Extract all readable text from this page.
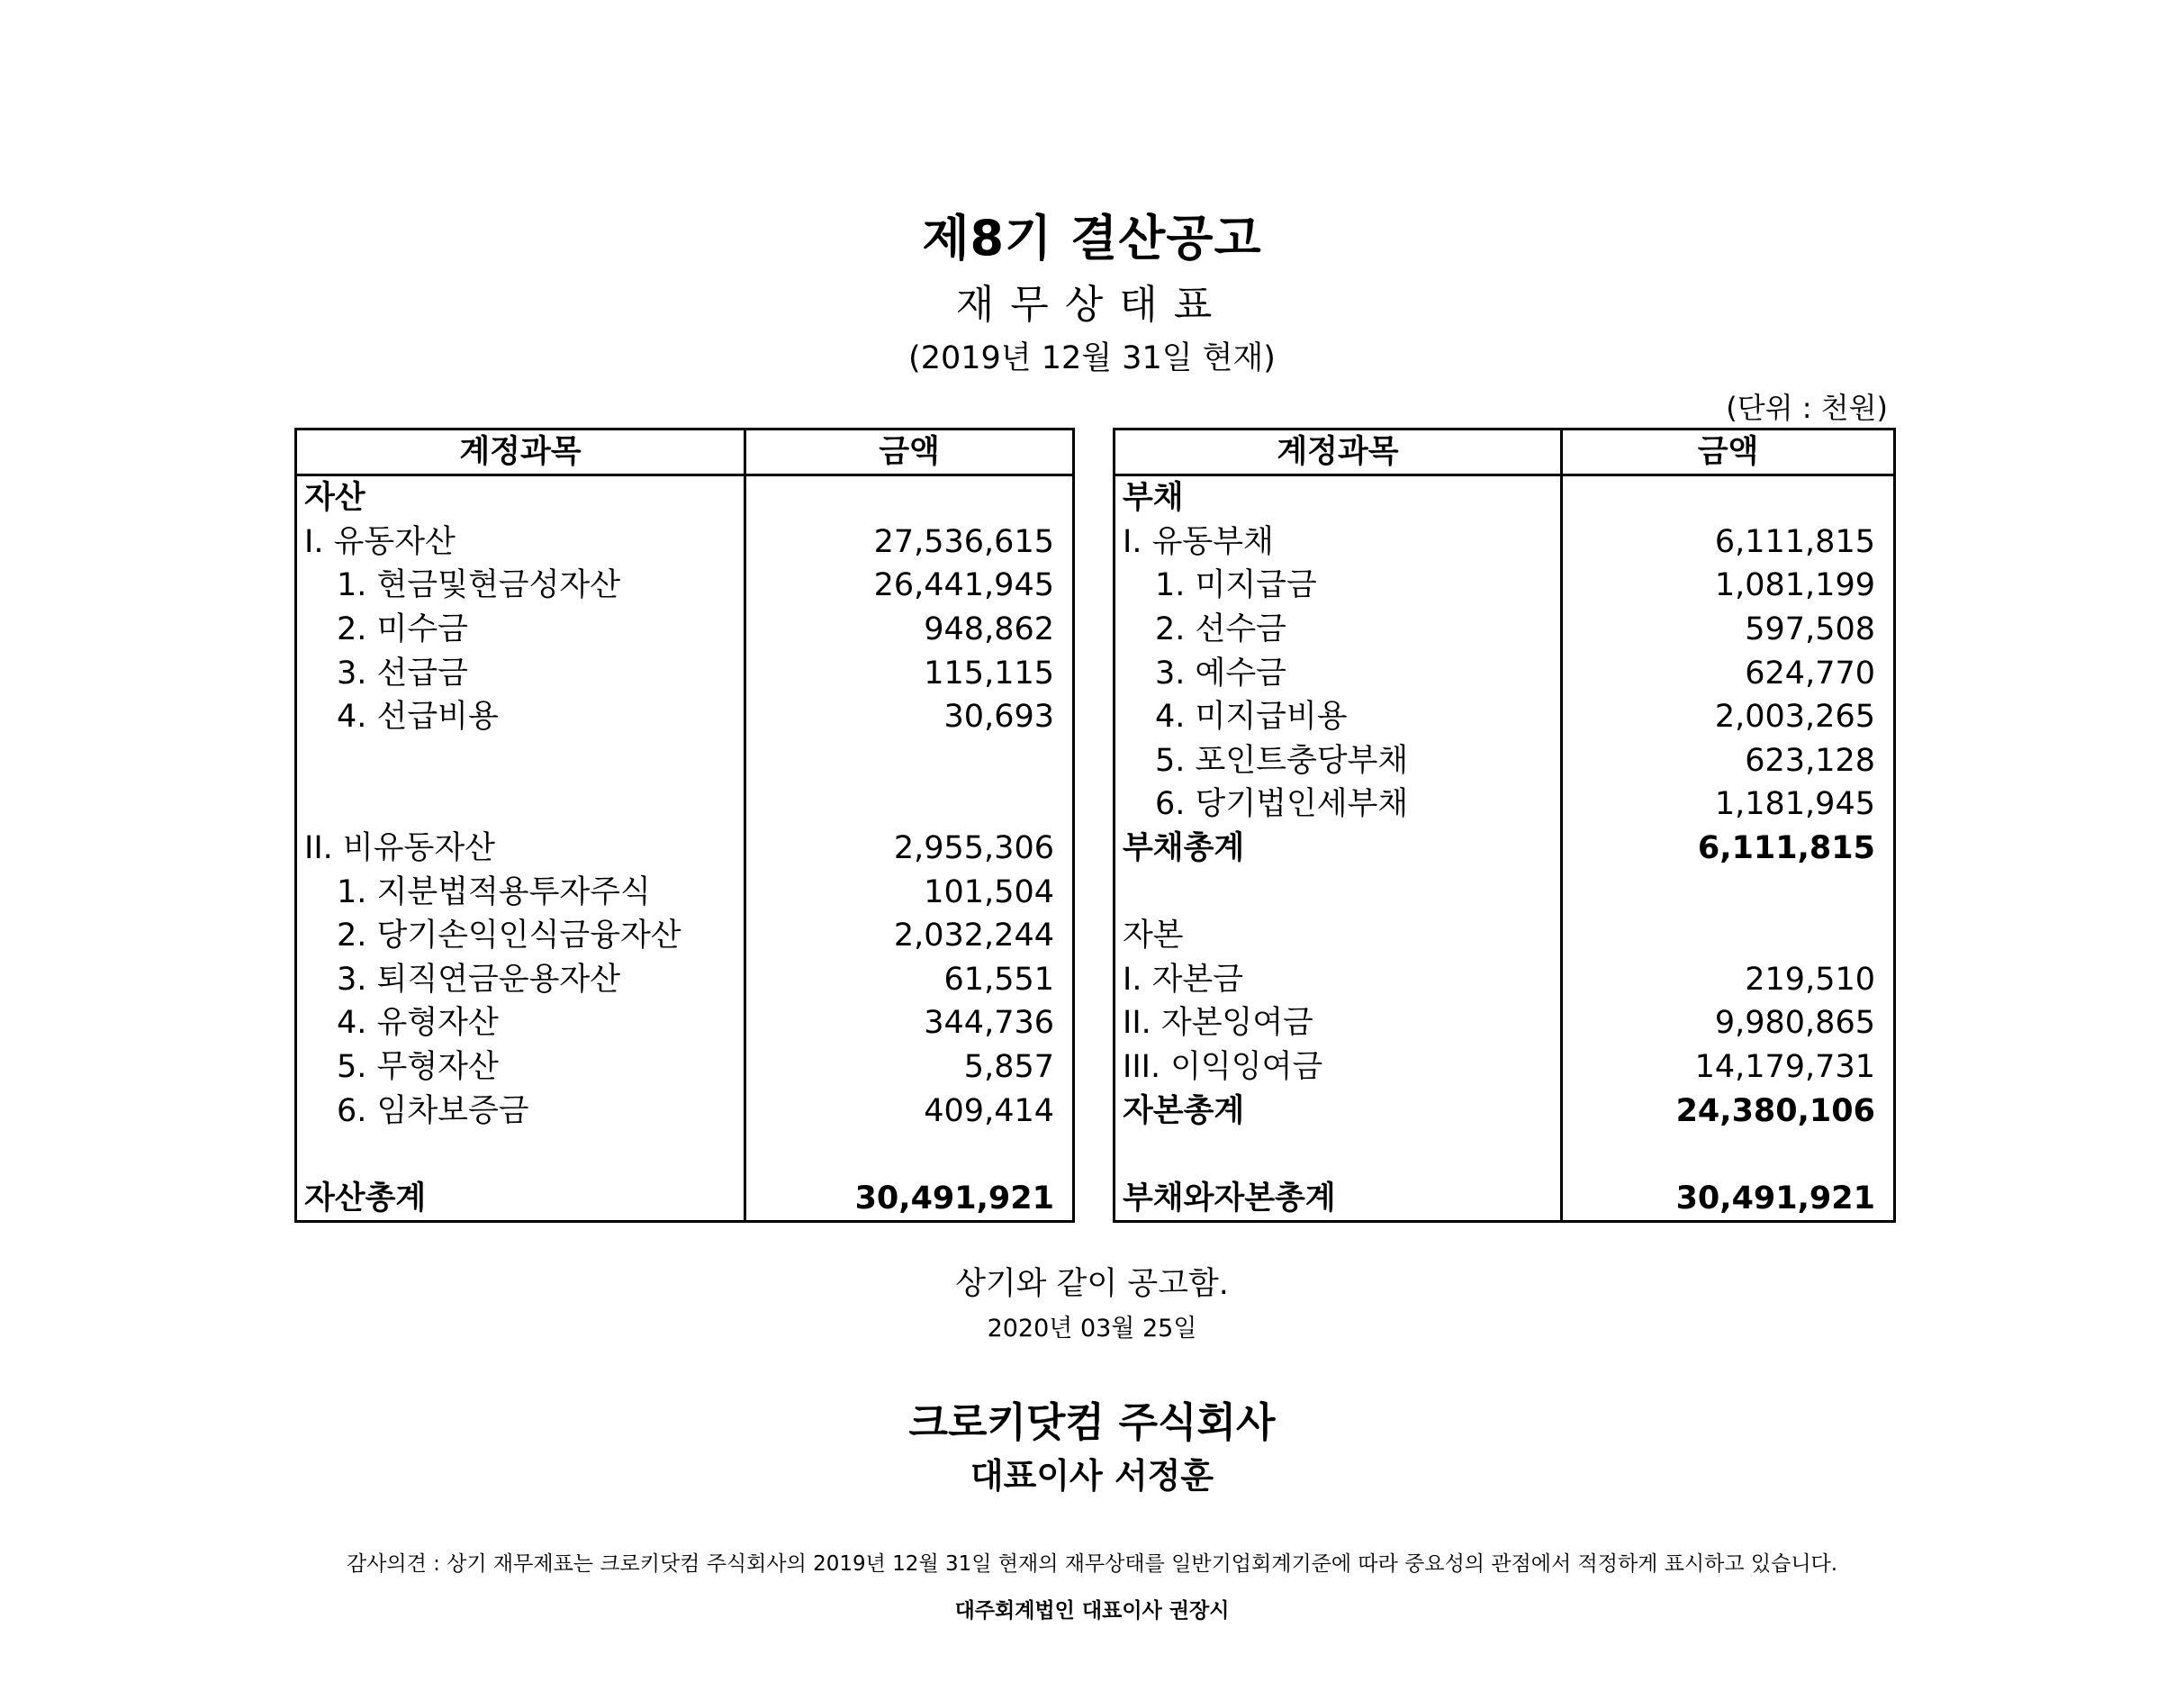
제8기 결산공고
재무상태표
(2019년 12월 31일 현재)
(단위 : 천원)
계정과목	금액
자산	
I. 유동자산	27,536,615
1. 현금및현금성자산	26,441,945
2. 미수금	948,862
3. 선급금	115,115
4. 선급비용	30,693

II. 비유동자산	2,955,306
1. 지분법적용투자주식	101,504
2. 당기손익인식금융자산	2,032,244
3. 퇴직연금운용자산	61,551
4. 유형자산	344,736
5. 무형자산	5,857
6. 임차보증금	409,414

자산총계	30,491,921
계정과목	금액
부채	
I. 유동부채	6,111,815
1. 미지급금	1,081,199
2. 선수금	597,508
3. 예수금	624,770
4. 미지급비용	2,003,265
5. 포인트충당부채	623,128
6. 당기법인세부채	1,181,945
부채총계	6,111,815

자본	
I. 자본금	219,510
II. 자본잉여금	9,980,865
III. 이익잉여금	14,179,731
자본총계	24,380,106

부채와자본총계	30,491,921
상기와 같이 공고함.
2020년 03월 25일
크로키닷컴 주식회사
대표이사 서정훈
감사의견 : 상기 재무제표는 크로키닷컴 주식회사의 2019년 12월 31일 현재의 재무상태를 일반기업회계기준에 따라 중요성의 관점에서 적정하게 표시하고 있습니다.
대주회계법인 대표이사 권장시
